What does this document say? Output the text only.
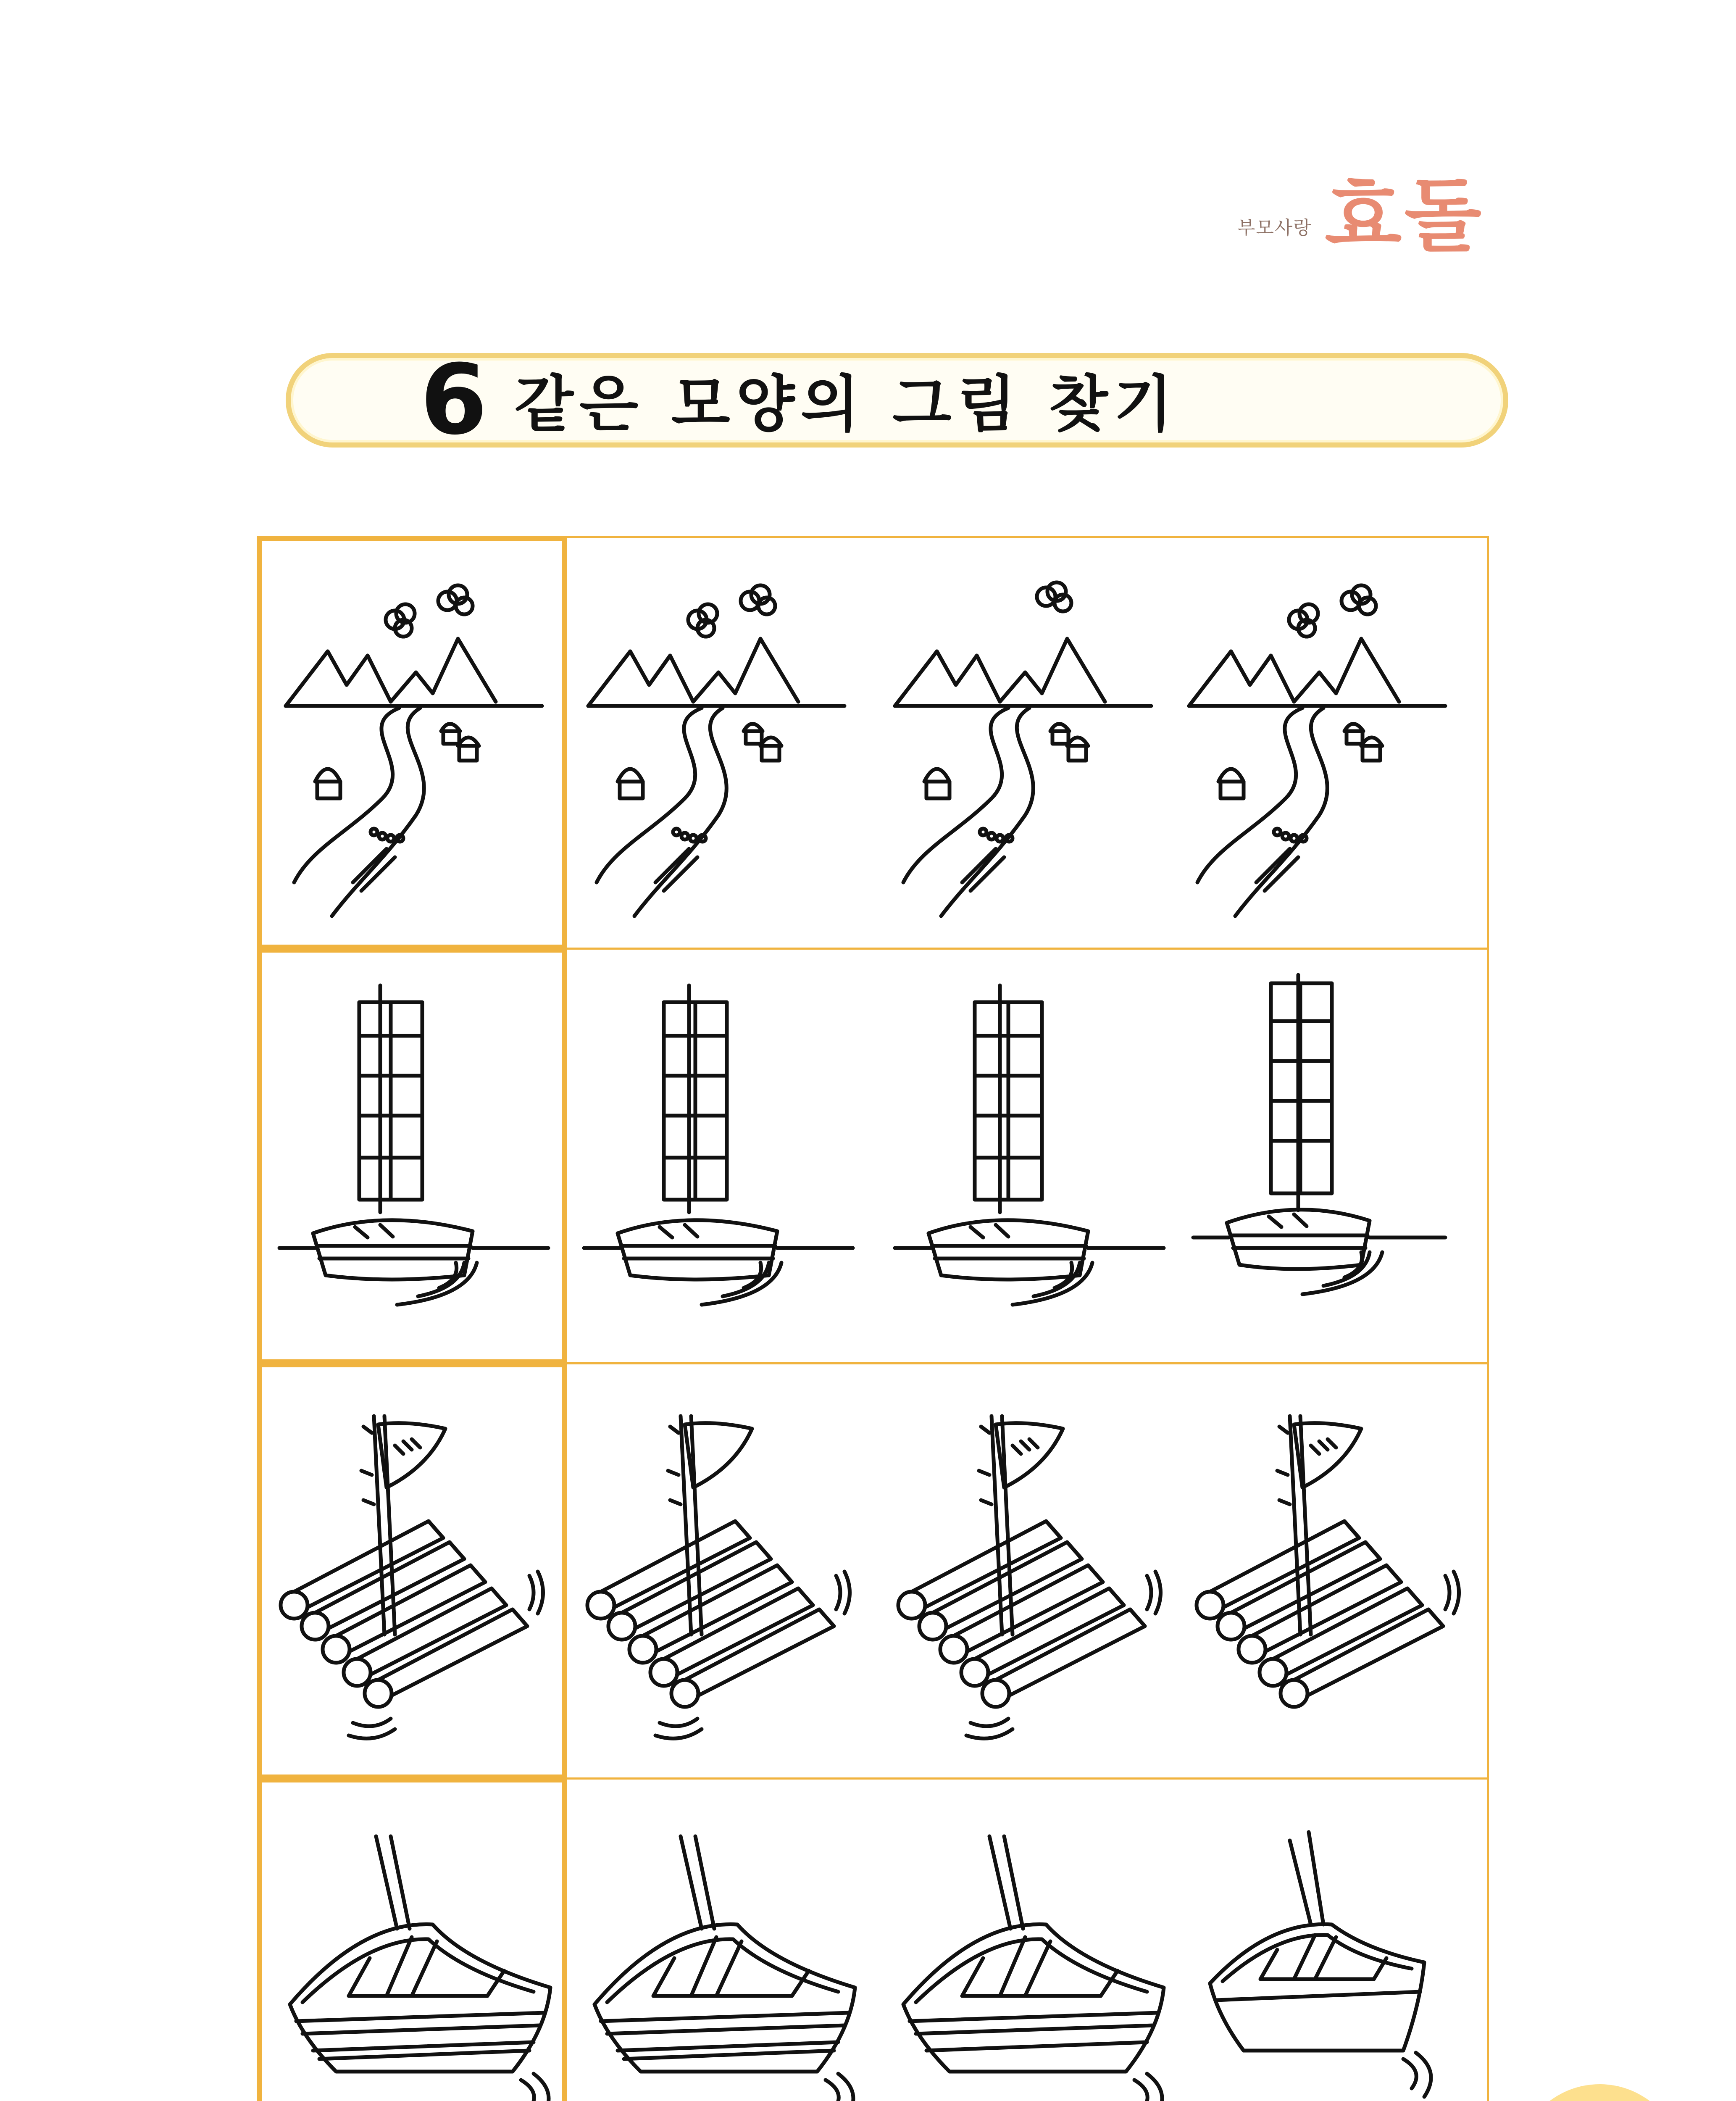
부모사랑 효돌
6 같은 모양의 그림 찾기
